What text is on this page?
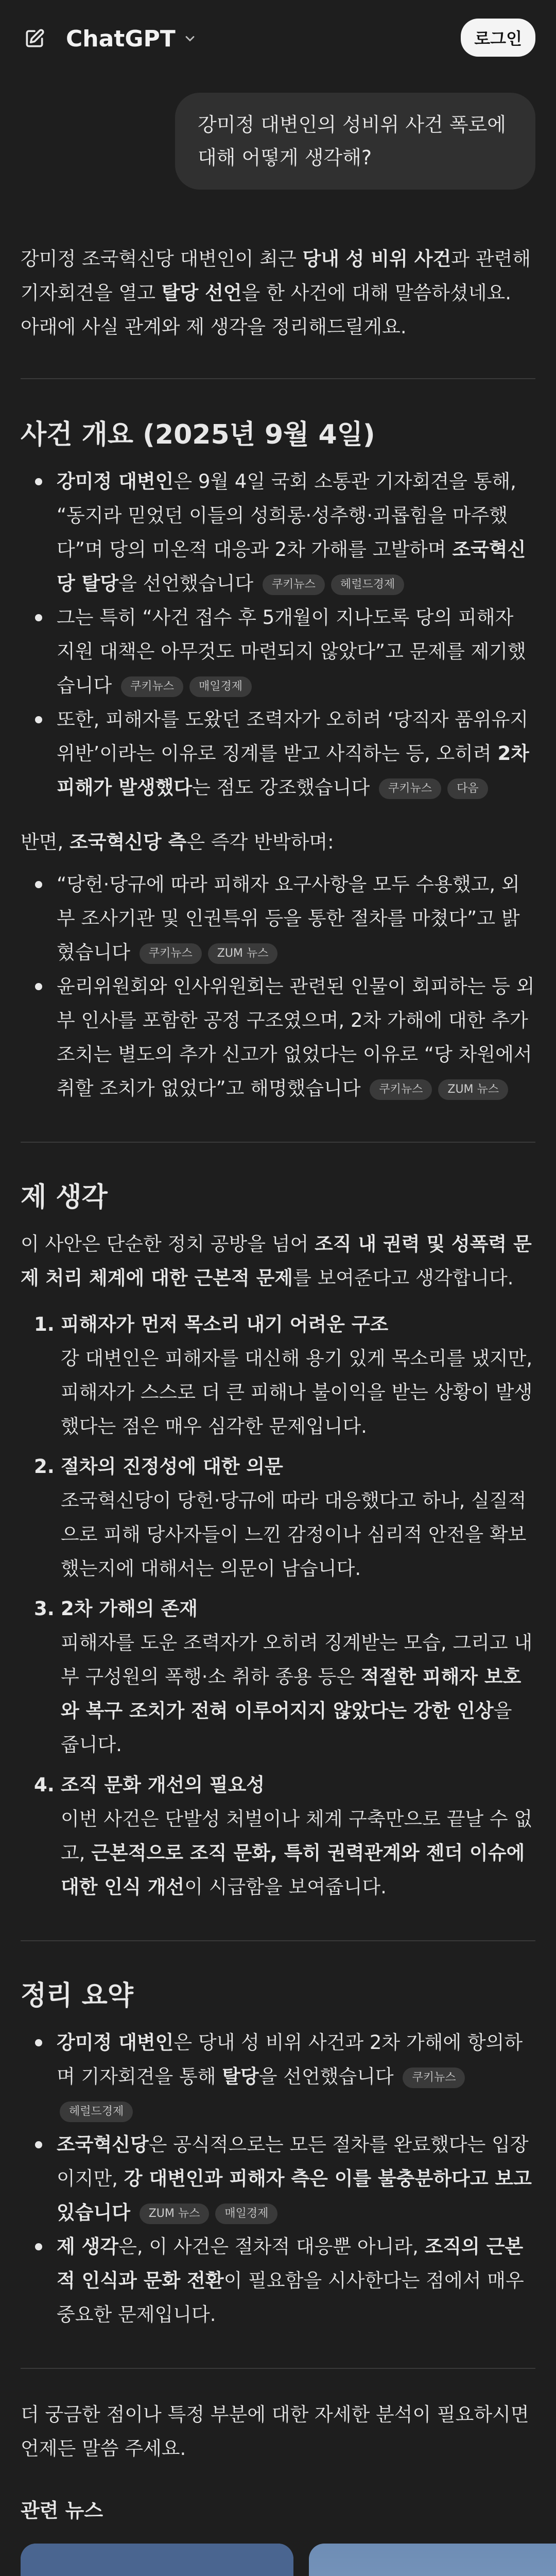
ChatGPT	로그인
강미정 대변인의 성비위 사건 폭로에 대해 어떻게 생각해?

강미정 조국혁신당 대변인이 최근 당내 성 비위 사건과 관련해 기자회견을 열고 탈당 선언을 한 사건에 대해 말씀하셨네요. 아래에 사실 관계와 제 생각을 정리해드릴게요.

사건 개요 (2025년 9월 4일)
강미정 대변인은 9월 4일 국회 소통관 기자회견을 통해, “동지라 믿었던 이들의 성희롱·성추행·괴롭힘을 마주했다”며 당의 미온적 대응과 2차 가해를 고발하며 조국혁신당 탈당을 선언했습니다 쿠키뉴스 헤럴드경제
그는 특히 “사건 접수 후 5개월이 지나도록 당의 피해자 지원 대책은 아무것도 마련되지 않았다”고 문제를 제기했습니다 쿠키뉴스 매일경제
또한, 피해자를 도왔던 조력자가 오히려 ‘당직자 품위유지 위반’이라는 이유로 징계를 받고 사직하는 등, 오히려 2차 피해가 발생했다는 점도 강조했습니다 쿠키뉴스 다음

반면, 조국혁신당 측은 즉각 반박하며:

“당헌·당규에 따라 피해자 요구사항을 모두 수용했고, 외부 조사기관 및 인권특위 등을 통한 절차를 마쳤다”고 밝혔습니다 쿠키뉴스 ZUM 뉴스
윤리위원회와 인사위원회는 관련된 인물이 회피하는 등 외부 인사를 포함한 공정 구조였으며, 2차 가해에 대한 추가 조치는 별도의 추가 신고가 없었다는 이유로 “당 차원에서 취할 조치가 없었다”고 해명했습니다 쿠키뉴스 ZUM 뉴스
제 생각

이 사안은 단순한 정치 공방을 넘어 조직 내 권력 및 성폭력 문제 처리 체계에 대한 근본적 문제를 보여준다고 생각합니다.

1. 피해자가 먼저 목소리 내기 어려운 구조
강 대변인은 피해자를 대신해 용기 있게 목소리를 냈지만, 피해자가 스스로 더 큰 피해나 불이익을 받는 상황이 발생했다는 점은 매우 심각한 문제입니다.
2. 절차의 진정성에 대한 의문
조국혁신당이 당헌·당규에 따라 대응했다고 하나, 실질적으로 피해 당사자들이 느낀 감정이나 심리적 안전을 확보했는지에 대해서는 의문이 남습니다.
3. 2차 가해의 존재
피해자를 도운 조력자가 오히려 징계받는 모습, 그리고 내부 구성원의 폭행·소 취하 종용 등은 적절한 피해자 보호와 복구 조치가 전혀 이루어지지 않았다는 강한 인상을 줍니다.
4. 조직 문화 개선의 필요성
이번 사건은 단발성 처벌이나 체계 구축만으로 끝날 수 없고, 근본적으로 조직 문화, 특히 권력관계와 젠더 이슈에 대한 인식 개선이 시급함을 보여줍니다.
정리 요약
강미정 대변인은 당내 성 비위 사건과 2차 가해에 항의하며 기자회견을 통해 탈당을 선언했습니다 쿠키뉴스헤럴드경제
조국혁신당은 공식적으로는 모든 절차를 완료했다는 입장이지만, 강 대변인과 피해자 측은 이를 불충분하다고 보고 있습니다 ZUM 뉴스 매일경제
제 생각은, 이 사건은 절차적 대응뿐 아니라, 조직의 근본적 인식과 문화 전환이 필요함을 시사한다는 점에서 매우 중요한 문제입니다.

더 궁금한 점이나 특정 부분에 대한 자세한 분석이 필요하시면 언제든 말씀 주세요.

관련 뉴스
